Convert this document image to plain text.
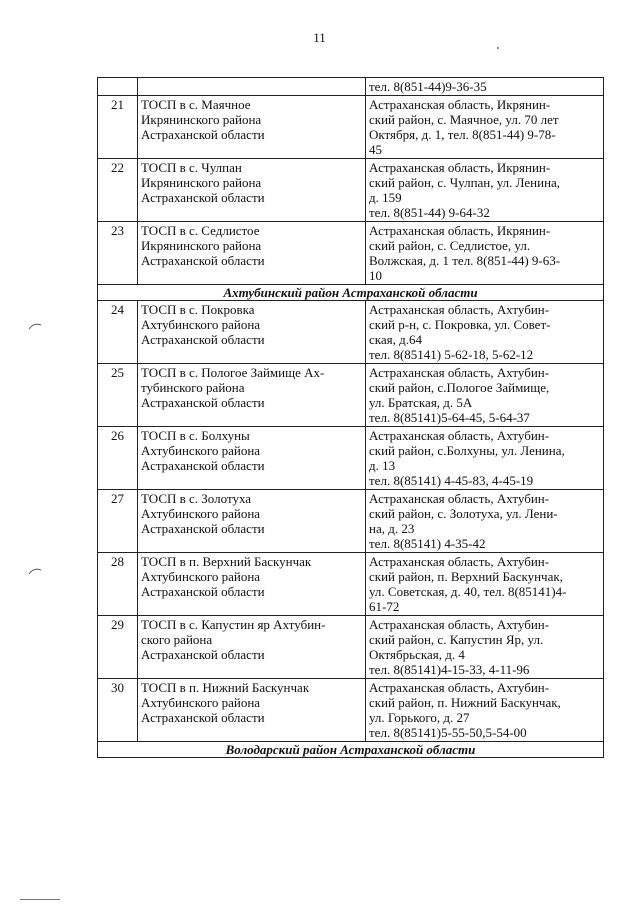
11

		тел. 8(851-44)9-36-35

21	ТОСП в с. Маячное
Икрянинского района
Астраханской области	Астраханская область, Икрянин-
ский район, с. Маячное, ул. 70 лет
Октября, д. 1, тел. 8(851-44) 9-78-
45

22	ТОСП в с. Чулпан
Икрянинского района
Астраханской области	Астраханская область, Икрянин-
ский район, с. Чулпан, ул. Ленина,
д. 159
тел. 8(851-44) 9-64-32

23	ТОСП в с. Седлистое
Икрянинского района
Астраханской области	Астраханская область, Икрянин-
ский район, с. Седлистое, ул.
Волжская, д. 1 тел. 8(851-44) 9-63-
10

Ахтубинский район Астраханской области		
24	ТОСП в с. Покровка
Ахтубинского района
Астраханской области	Астраханская область, Ахтубин-
ский р-н, с. Покровка, ул. Совет-
ская, д.64
тел. 8(85141) 5-62-18, 5-62-12

25	ТОСП в с. Пологое Займище Ах-
тубинского района
Астраханской области	Астраханская область, Ахтубин-
ский район, с.Пологое Займище,
ул. Братская, д. 5А
тел. 8(85141)5-64-45, 5-64-37

26	ТОСП в с. Болхуны
Ахтубинского района
Астраханской области	Астраханская область, Ахтубин-
ский район, с.Болхуны, ул. Ленина,
д. 13
тел. 8(85141) 4-45-83, 4-45-19

27	ТОСП в с. Золотуха
Ахтубинского района
Астраханской области	Астраханская область, Ахтубин-
ский район, с. Золотуха, ул. Лени-
на, д. 23
тел. 8(85141) 4-35-42

28	ТОСП в п. Верхний Баскунчак
Ахтубинского района
Астраханской области	Астраханская область, Ахтубин-
ский район, п. Верхний Баскунчак,
ул. Советская, д. 40, тел. 8(85141)4-
61-72

29	ТОСП в с. Капустин яр Ахтубин-
ского района
Астраханской области	Астраханская область, Ахтубин-
ский район, с. Капустин Яр, ул.
Октябрьская, д. 4
тел. 8(85141)4-15-33, 4-11-96

30	ТОСП в п. Нижний Баскунчак
Ахтубинского района
Астраханской области	Астраханская область, Ахтубин-
ский район, п. Нижний Баскунчак,
ул. Горького, д. 27
тел. 8(85141)5-55-50,5-54-00

Володарский район Астраханской области		
